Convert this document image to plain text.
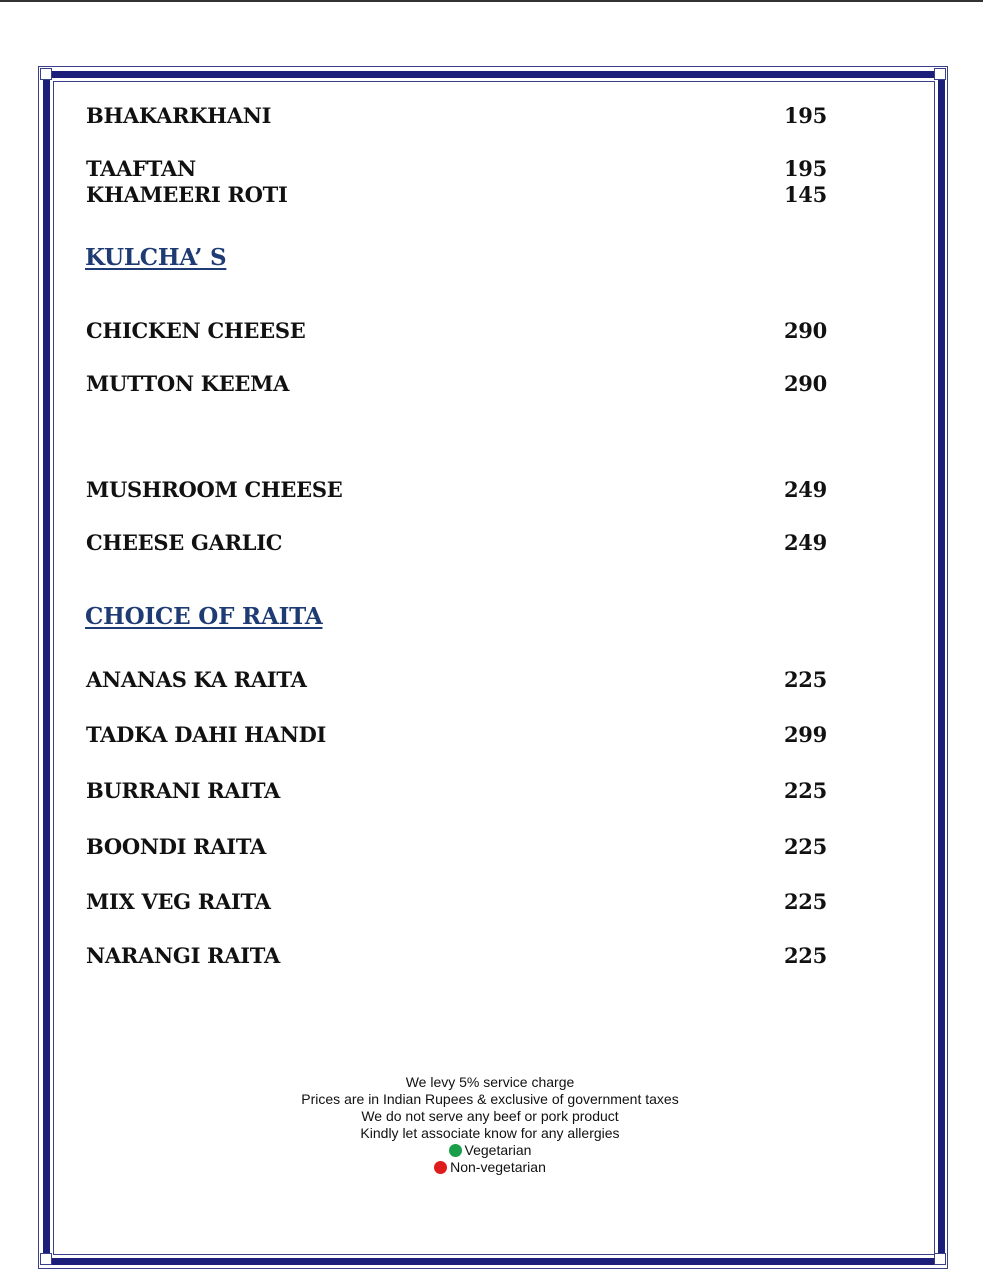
BHAKARKHANI	195
TAAFTAN	195
KHAMEERI ROTI	145
KULCHA’ S
CHICKEN CHEESE	290
MUTTON KEEMA	290
MUSHROOM CHEESE	249
CHEESE GARLIC	249
CHOICE OF RAITA
ANANAS KA RAITA	225
TADKA DAHI HANDI	299
BURRANI RAITA	225
BOONDI RAITA	225
MIX VEG RAITA	225
NARANGI RAITA	225
We levy 5% service charge
Prices are in Indian Rupees & exclusive of government taxes
We do not serve any beef or pork product
Kindly let associate know for any allergies
Vegetarian
Non-vegetarian
